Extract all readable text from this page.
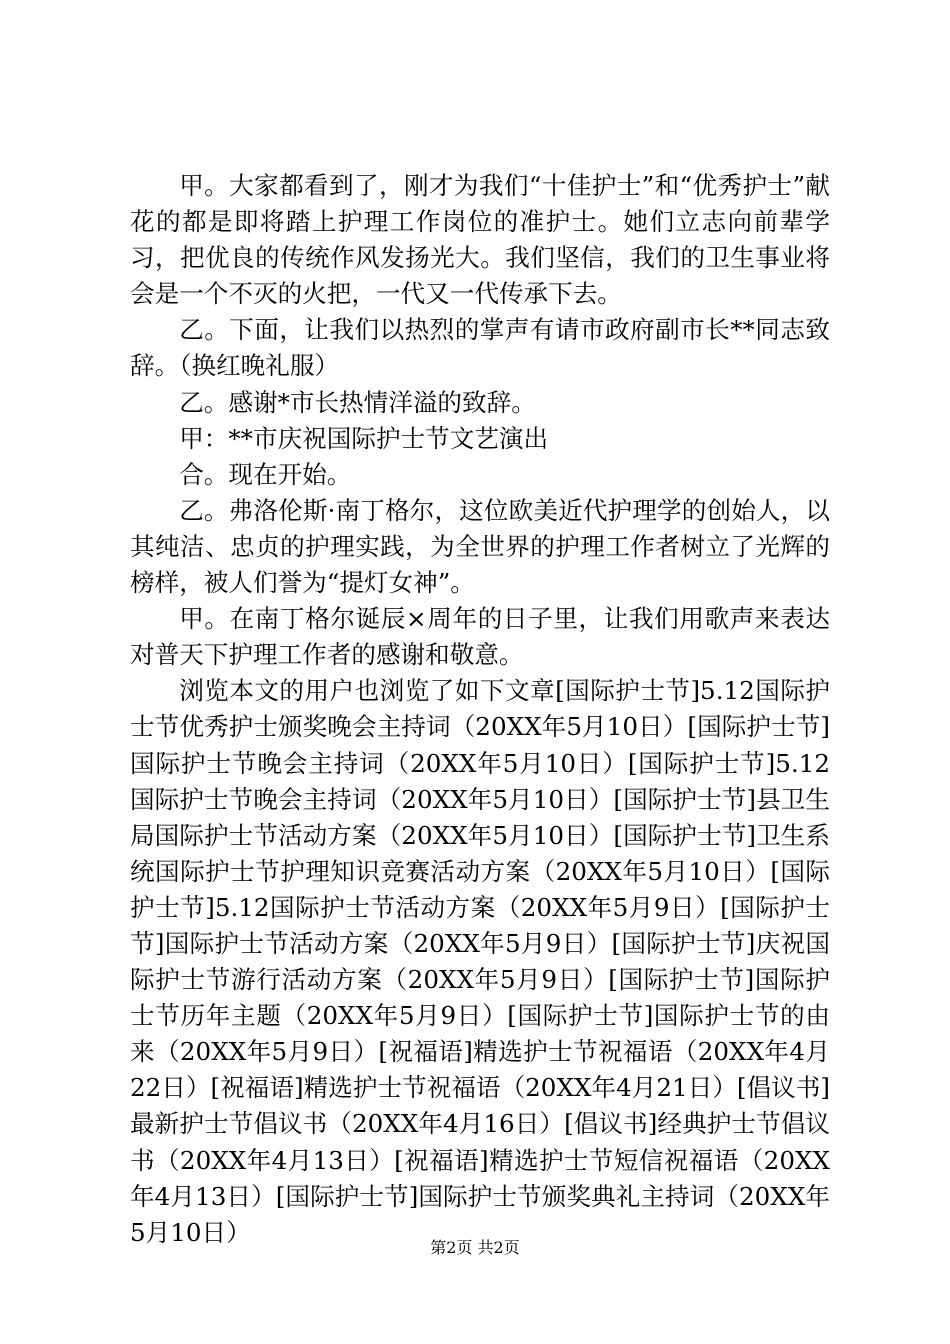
甲。大家都看到了，刚才为我们“十佳护士”和“优秀护士”献花的都是即将踏上护理工作岗位的准护士。她们立志向前辈学习，把优良的传统作风发扬光大。我们坚信，我们的卫生事业将会是一个不灭的火把，一代又一代传承下去。

乙。下面，让我们以热烈的掌声有请市政府副市长**同志致辞。（换红晚礼服）

乙。感谢*市长热情洋溢的致辞。

甲：**市庆祝国际护士节文艺演出

合。现在开始。

乙。弗洛伦斯·南丁格尔，这位欧美近代护理学的创始人，以其纯洁、忠贞的护理实践，为全世界的护理工作者树立了光辉的榜样，被人们誉为“提灯女神”。

甲。在南丁格尔诞辰×周年的日子里，让我们用歌声来表达对普天下护理工作者的感谢和敬意。

浏览本文的用户也浏览了如下文章[国际护士节]5.12国际护士节优秀护士颁奖晚会主持词（20XX年5月10日）[国际护士节]国际护士节晚会主持词（20XX年5月10日）[国际护士节]5.12国际护士节晚会主持词（20XX年5月10日）[国际护士节]县卫生局国际护士节活动方案（20XX年5月10日）[国际护士节]卫生系统国际护士节护理知识竞赛活动方案（20XX年5月10日）[国际护士节]5.12国际护士节活动方案（20XX年5月9日）[国际护士节]国际护士节活动方案（20XX年5月9日）[国际护士节]庆祝国际护士节游行活动方案（20XX年5月9日）[国际护士节]国际护士节历年主题（20XX年5月9日）[国际护士节]国际护士节的由来（20XX年5月9日）[祝福语]精选护士节祝福语（20XX年4月22日）[祝福语]精选护士节祝福语（20XX年4月21日）[倡议书]最新护士节倡议书（20XX年4月16日）[倡议书]经典护士节倡议书（20XX年4月13日）[祝福语]精选护士节短信祝福语（20XX年4月13日）[国际护士节]国际护士节颁奖典礼主持词（20XX年5月10日）

第2页 共2页
